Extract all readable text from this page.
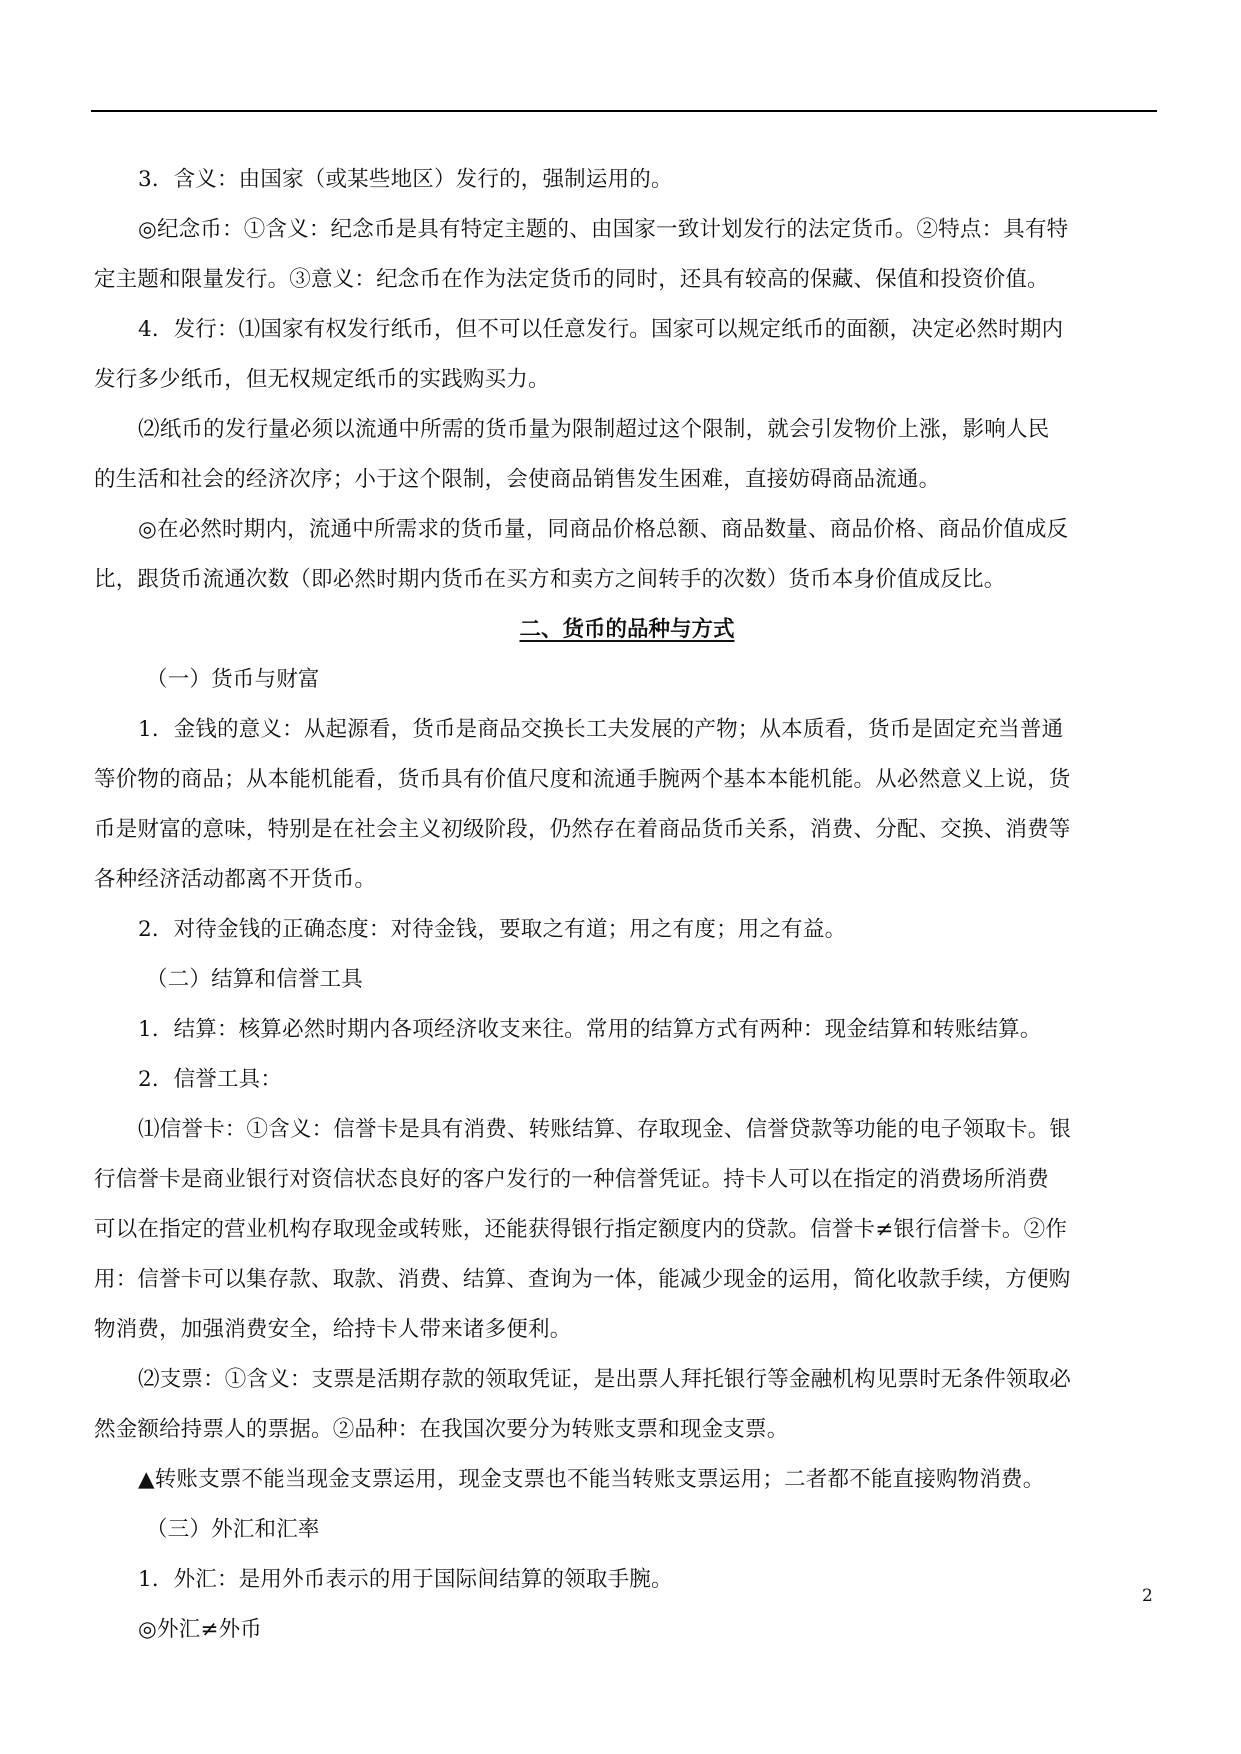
3．含义：由国家（或某些地区）发行的，强制运用的。

◎纪念币：①含义：纪念币是具有特定主题的、由国家一致计划发行的法定货币。②特点：具有特

定主题和限量发行。③意义：纪念币在作为法定货币的同时，还具有较高的保藏、保值和投资价值。

4．发行：⑴国家有权发行纸币，但不可以任意发行。国家可以规定纸币的面额，决定必然时期内

发行多少纸币，但无权规定纸币的实践购买力。

⑵纸币的发行量必须以流通中所需的货币量为限制超过这个限制，就会引发物价上涨，影响人民

的生活和社会的经济次序；小于这个限制，会使商品销售发生困难，直接妨碍商品流通。

◎在必然时期内，流通中所需求的货币量，同商品价格总额、商品数量、商品价格、商品价值成反

比，跟货币流通次数（即必然时期内货币在买方和卖方之间转手的次数）货币本身价值成反比。

二、货币的品种与方式

（一）货币与财富

1．金钱的意义：从起源看，货币是商品交换长工夫发展的产物；从本质看，货币是固定充当普通

等价物的商品；从本能机能看，货币具有价值尺度和流通手腕两个基本本能机能。从必然意义上说，货

币是财富的意味，特别是在社会主义初级阶段，仍然存在着商品货币关系，消费、分配、交换、消费等

各种经济活动都离不开货币。

2．对待金钱的正确态度：对待金钱，要取之有道；用之有度；用之有益。

（二）结算和信誉工具

1．结算：核算必然时期内各项经济收支来往。常用的结算方式有两种：现金结算和转账结算。

2．信誉工具：

⑴信誉卡：①含义：信誉卡是具有消费、转账结算、存取现金、信誉贷款等功能的电子领取卡。银

行信誉卡是商业银行对资信状态良好的客户发行的一种信誉凭证。持卡人可以在指定的消费场所消费

可以在指定的营业机构存取现金或转账，还能获得银行指定额度内的贷款。信誉卡≠银行信誉卡。②作

用：信誉卡可以集存款、取款、消费、结算、查询为一体，能减少现金的运用，简化收款手续，方便购

物消费，加强消费安全，给持卡人带来诸多便利。

⑵支票：①含义：支票是活期存款的领取凭证，是出票人拜托银行等金融机构见票时无条件领取必

然金额给持票人的票据。②品种：在我国次要分为转账支票和现金支票。

▲转账支票不能当现金支票运用，现金支票也不能当转账支票运用；二者都不能直接购物消费。

（三）外汇和汇率

1．外汇：是用外币表示的用于国际间结算的领取手腕。

◎外汇≠外币

2
